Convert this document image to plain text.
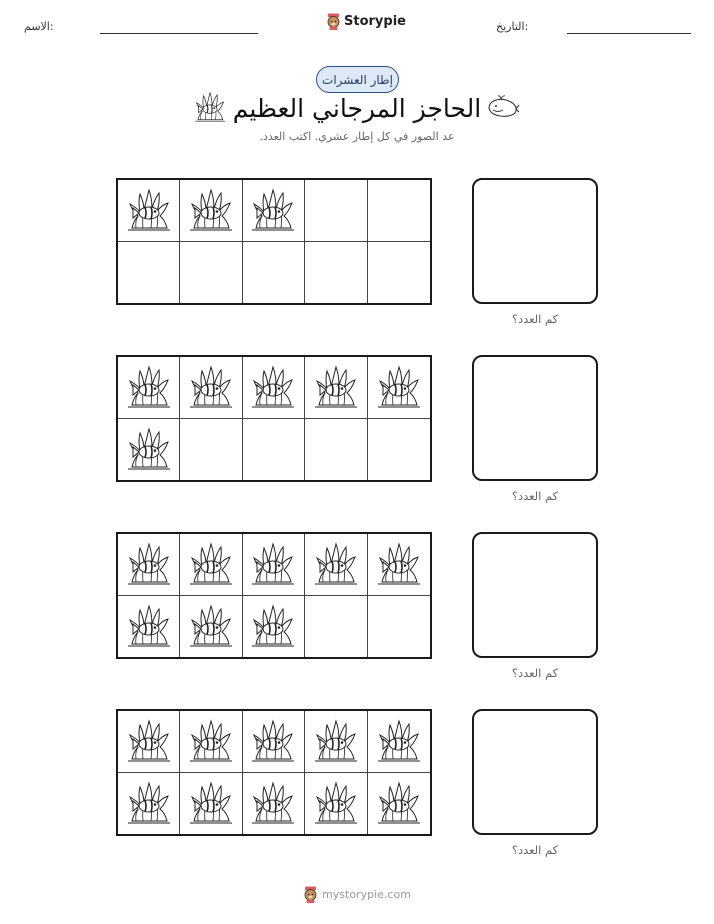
الاسم:	Storypie	التاريخ:
إطار العشرات
الحاجز المرجاني العظيم
عد الصور في كل إطار عشري. اكتب العدد.
كم العدد؟
كم العدد؟
كم العدد؟
كم العدد؟
mystorypie.com
